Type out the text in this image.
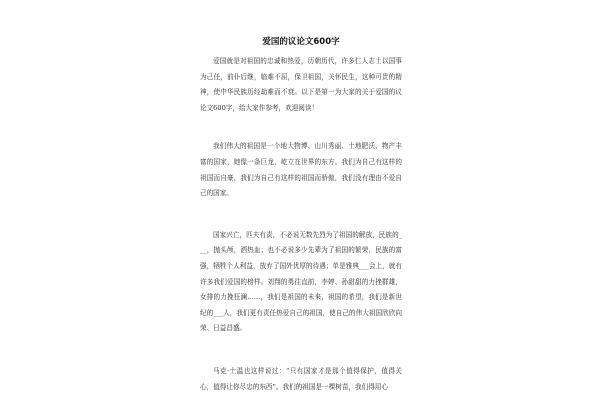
爱国的议论文600字

爱国就是对祖国的忠诚和热爱，历朝历代，许多仁人志士以国事为己任，前仆后继，临难不屈，保卫祖国，关怀民生，这种可贵的精神，使中华民族历经劫难而不衰。以下是第一为大家的关于爱国的议论文600字，给大家作参考，欢迎阅读！

我们伟大的祖国是一个地大物博、山川秀丽、土地肥沃、物产丰富的国家，她像一条巨龙，屹立在世界的东方。我们为自己有这样的祖国而自豪，我们为自己有这样的祖国而骄傲，我们没有理由不爱自己的国家。

国家兴亡，匹夫有责，不必说无数先烈为了祖国的解放，民族的___，抛头颅，洒热血；也不必说多少先辈为了祖国的繁荣，民族的富强，牺牲个人利益，放弃了国外优厚的待遇；单是雅典___会上，就有许多我们爱国的榜样。刘翔的勇往直前，李婷、孙甜甜的力挫群雄，女排的力挽狂澜……，我们是祖国的未来，祖国的希望，我们是新世纪的___人，我们更有责任热爱自己的祖国，使自己的伟大祖国欣欣向荣、日益昌盛。

马克·土温也这样说过：“只有国家才是那个值得保护，值得关心，值得让你尽忠的东西”。我们的祖国是一棵树苗，我们得用心
